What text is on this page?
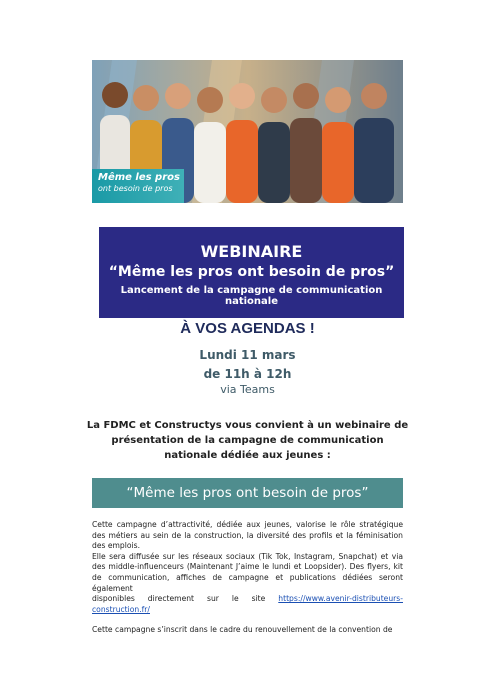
Même les pros
ont besoin de pros
WEBINAIRE
“Même les pros ont besoin de pros”
Lancement de la campagne de communication nationale
À VOS AGENDAS !
Lundi 11 mars
de 11h à 12h
via Teams
La FDMC et Constructys vous convient à un webinaire de
présentation de la campagne de communication
nationale dédiée aux jeunes :
“Même les pros ont besoin de pros”

Cette campagne d’attractivité, dédiée aux jeunes, valorise le rôle stratégique des métiers au sein de la construction, la diversité des profils et la féminisation des emplois.

Elle sera diffusée sur les réseaux sociaux (Tik Tok, Instagram, Snapchat) et via des middle-influenceurs (Maintenant J’aime le lundi et Loopsider). Des flyers, kit de communication, affiches de campagne et publications dédiées seront également

disponibles directement sur le site https://www.avenir-distributeurs-
construction.fr/

Cette campagne s’inscrit dans le cadre du renouvellement de la convention de
